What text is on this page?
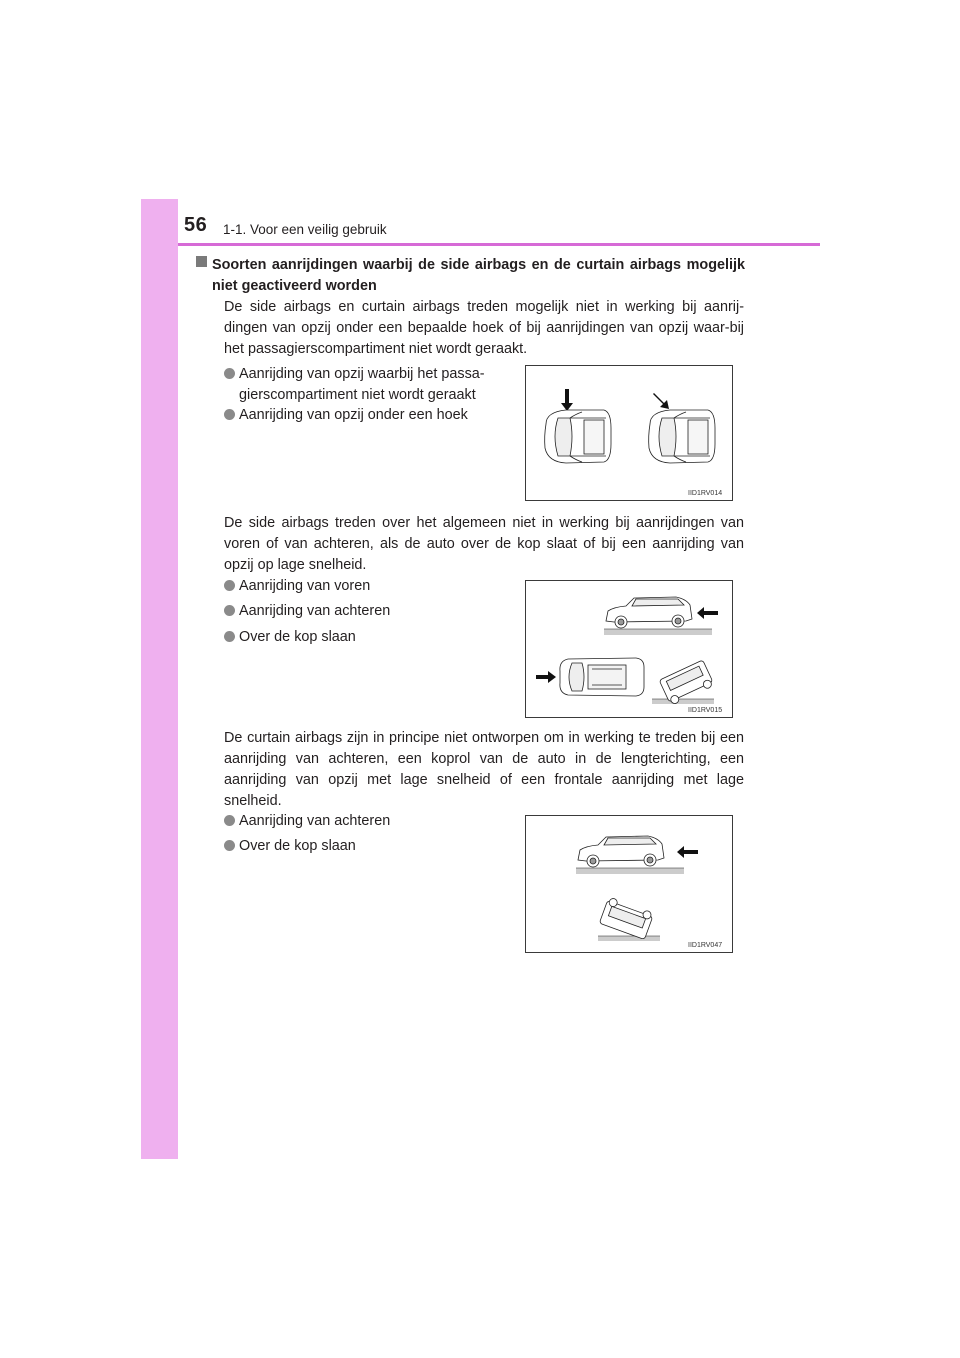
56 1-1. Voor een veilig gebruik
Soorten aanrijdingen waarbij de side airbags en de curtain airbags mogelijk niet geactiveerd worden
De side airbags en curtain airbags treden mogelijk niet in werking bij aanrij-dingen van opzij onder een bepaalde hoek of bij aanrijdingen van opzij waar-bij het passagierscompartiment niet wordt geraakt.
Aanrijding van opzij waarbij het passa-
gierscompartiment niet wordt geraakt
Aanrijding van opzij onder een hoek
IID1RV014
De side airbags treden over het algemeen niet in werking bij aanrijdingen van voren of van achteren, als de auto over de kop slaat of bij een aanrijding van opzij op lage snelheid.
Aanrijding van voren
Aanrijding van achteren
Over de kop slaan
IID1RV015
De curtain airbags zijn in principe niet ontworpen om in werking te treden bij een aanrijding van achteren, een koprol van de auto in de lengterichting, een aanrijding van opzij met lage snelheid of een frontale aanrijding met lage snelheid.
Aanrijding van achteren
Over de kop slaan
IID1RV047
